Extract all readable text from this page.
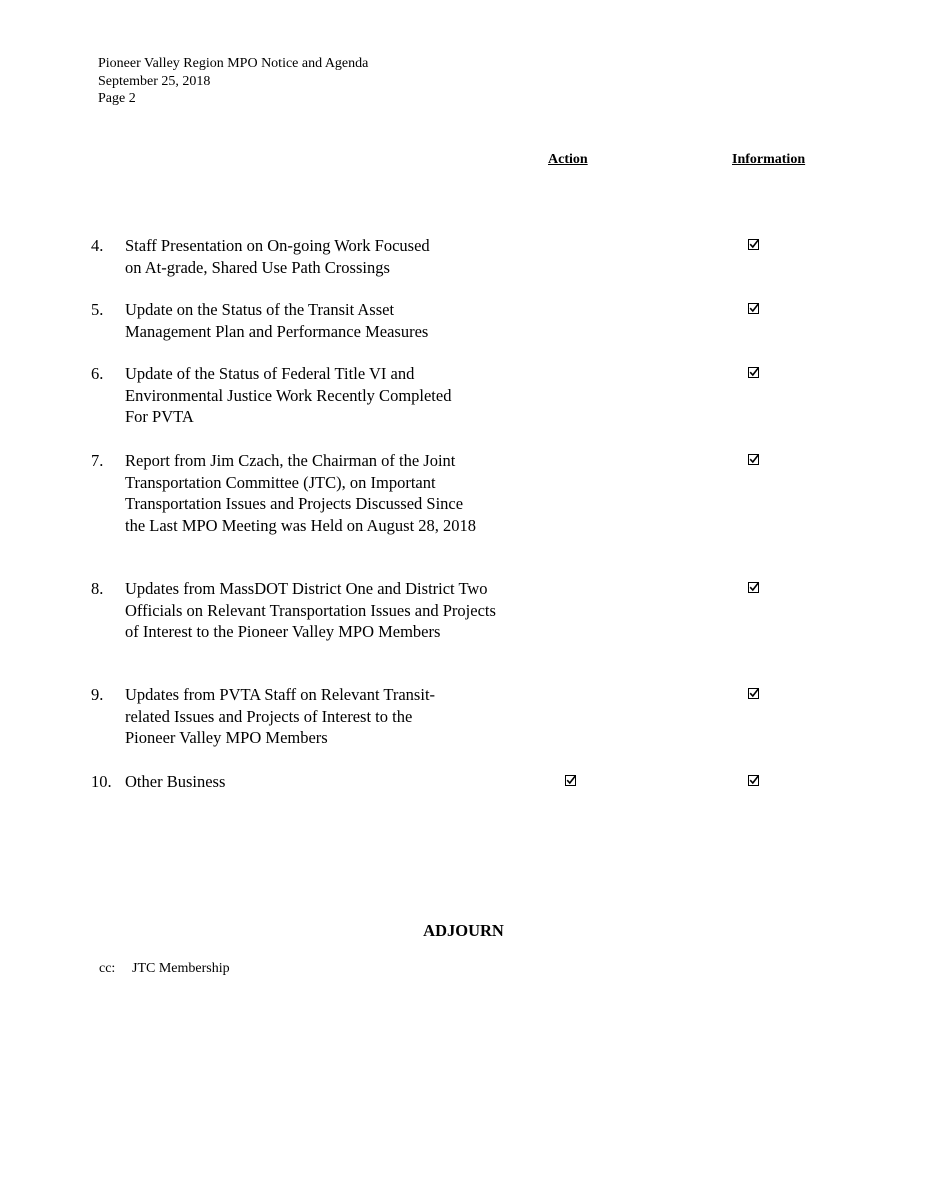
Pioneer Valley Region MPO Notice and Agenda
September 25, 2018
Page 2
Action	Information
4. Staff Presentation on On-going Work Focused
on At-grade, Shared Use Path Crossings
5. Update on the Status of the Transit Asset
Management Plan and Performance Measures
6. Update of the Status of Federal Title VI and
Environmental Justice Work Recently Completed
For PVTA
7. Report from Jim Czach, the Chairman of the Joint
Transportation Committee (JTC), on Important
Transportation Issues and Projects Discussed Since
the Last MPO Meeting was Held on August 28, 2018
8. Updates from MassDOT District One and District Two
Officials on Relevant Transportation Issues and Projects
of Interest to the Pioneer Valley MPO Members
9. Updates from PVTA Staff on Relevant Transit-
related Issues and Projects of Interest to the
Pioneer Valley MPO Members
10. Other Business
ADJOURN
cc: JTC Membership
